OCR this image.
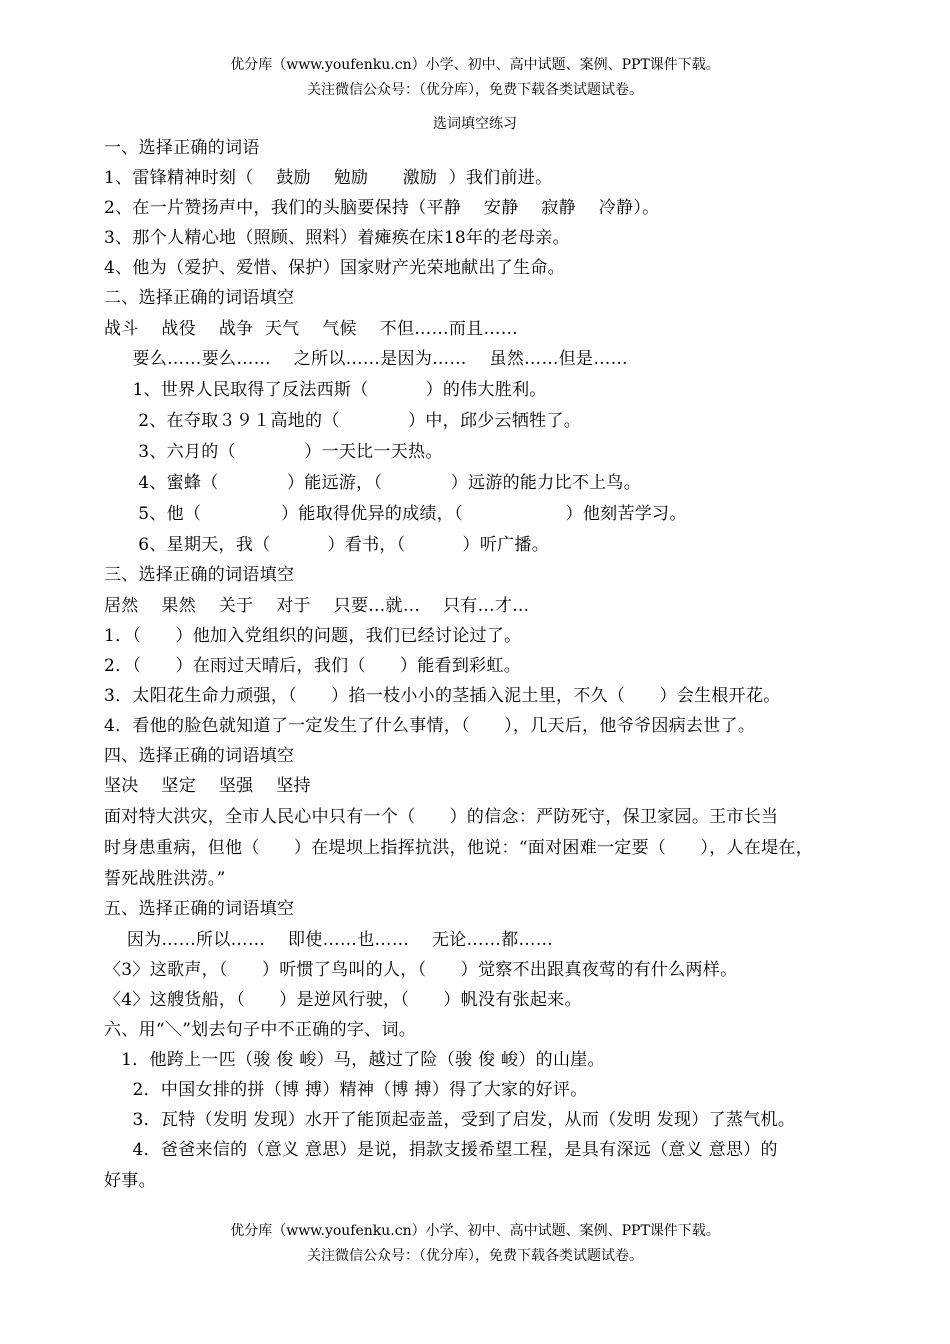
优分库（www.youfenku.cn）小学、初中、高中试题、案例、PPT课件下载。
关注微信公众号：（优分库），免费下载各类试题试卷。
选词填空练习
一、选择正确的词语
1、雷锋精神时刻（    鼓励    勉励      激励  ）我们前进。
2、在一片赞扬声中，我们的头脑要保持（平静    安静    寂静    冷静）。
3、那个人精心地（照顾、照料）着瘫痪在床18年的老母亲。
4、他为（爱护、爱惜、保护）国家财产光荣地献出了生命。
二、选择正确的词语填空
战斗    战役    战争  天气    气候    不但……而且……
要么……要么……    之所以……是因为……    虽然……但是……
1、世界人民取得了反法西斯（          ）的伟大胜利。
2、在夺取３９１高地的（            ）中，邱少云牺牲了。
3、六月的（            ）一天比一天热。
4、蜜蜂（            ）能远游，（            ）远游的能力比不上鸟。
5、他（              ）能取得优异的成绩，（                  ）他刻苦学习。
6、星期天，我（          ）看书，（          ）听广播。
三、选择正确的词语填空
居然    果然    关于    对于    只要…就…    只有…才…
1．（      ）他加入党组织的问题，我们已经讨论过了。
2．（      ）在雨过天晴后，我们（      ）能看到彩虹。
3．太阳花生命力顽强，（      ）掐一枝小小的茎插入泥土里，不久（      ）会生根开花。
4．看他的脸色就知道了一定发生了什么事情，（      ），几天后，他爷爷因病去世了。
四、选择正确的词语填空
坚决    坚定    坚强    坚持
面对特大洪灾，全市人民心中只有一个（      ）的信念：严防死守，保卫家园。王市长当
时身患重病，但他（      ）在堤坝上指挥抗洪，他说：“面对困难一定要（      ），人在堤在，
誓死战胜洪涝。”
五、选择正确的词语填空
因为……所以……    即使……也……    无论……都……
〈3〉这歌声，（      ）听惯了鸟叫的人，（      ）觉察不出跟真夜莺的有什么两样。
〈4〉这艘货船，（      ）是逆风行驶，（      ）帆没有张起来。
六、用“＼”划去句子中不正确的字、词。
1．他跨上一匹（骏 俊 峻）马，越过了险（骏 俊 峻）的山崖。
2．中国女排的拼（博 搏）精神（博 搏）得了大家的好评。
3．瓦特（发明 发现）水开了能顶起壶盖，受到了启发，从而（发明 发现）了蒸气机。
4．爸爸来信的（意义 意思）是说，捐款支援希望工程，是具有深远（意义 意思）的
好事。
优分库（www.youfenku.cn）小学、初中、高中试题、案例、PPT课件下载。
关注微信公众号：（优分库），免费下载各类试题试卷。
